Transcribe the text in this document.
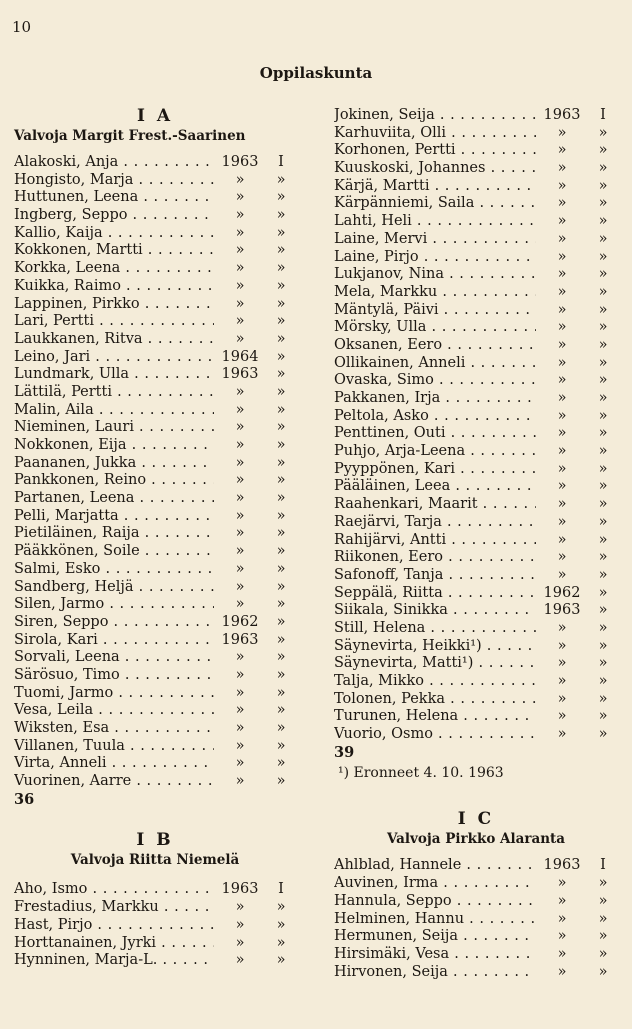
10
Oppilaskunta
I A
Valvoja Margit Frest.-Saarinen
Alakoski, Anja . . .	1963	I
Hongisto, Marja . . .	»	»
Huttunen, Leena . . .	»	»
Ingberg, Seppo . . .	»	»
Kallio, Kaija . . .	»	»
Kokkonen, Martti . . .	»	»
Korkka, Leena . . .	»	»
Kuikka, Raimo . . .	»	»
Lappinen, Pirkko . . .	»	»
Lari, Pertti . . .	»	»
Laukkanen, Ritva . . .	»	»
Leino, Jari . . .	1964	»
Lundmark, Ulla . . .	1963	»
Lättilä, Pertti . . .	»	»
Malin, Aila . . .	»	»
Nieminen, Lauri . . .	»	»
Nokkonen, Eija . . .	»	»
Paananen, Jukka . . .	»	»
Pankkonen, Reino . . .	»	»
Partanen, Leena . . .	»	»
Pelli, Marjatta . . .	»	»
Pietiläinen, Raija . . .	»	»
Pääkkönen, Soile . . .	»	»
Salmi, Esko . . .	»	»
Sandberg, Heljä . . .	»	»
Silen, Jarmo . . .	»	»
Siren, Seppo . . .	1962	»
Sirola, Kari . . .	1963	»
Sorvali, Leena . . .	»	»
Särösuo, Timo . . .	»	»
Tuomi, Jarmo . . .	»	»
Vesa, Leila . . .	»	»
Wiksten, Esa . . .	»	»
Villanen, Tuula . . .	»	»
Virta, Anneli . . .	»	»
Vuorinen, Aarre . . .	»	»
36
I B
Valvoja Riitta Niemelä
Aho, Ismo . . .	1963	I
Frestadius, Markku . . .	»	»
Hast, Pirjo . . .	»	»
Horttanainen, Jyrki . . .	»	»
Hynninen, Marja-L. . . .	»	»
Jokinen, Seija . . .	1963	I
Karhuviita, Olli . . .	»	»
Korhonen, Pertti . . .	»	»
Kuuskoski, Johannes . . .	»	»
Kärjä, Martti . . .	»	»
Kärpänniemi, Saila . . .	»	»
Lahti, Heli . . .	»	»
Laine, Mervi . . .	»	»
Laine, Pirjo . . .	»	»
Lukjanov, Nina . . .	»	»
Mela, Markku . . .	»	»
Mäntylä, Päivi . . .	»	»
Mörsky, Ulla . . .	»	»
Oksanen, Eero . . .	»	»
Ollikainen, Anneli . . .	»	»
Ovaska, Simo . . .	»	»
Pakkanen, Irja . . .	»	»
Peltola, Asko . . .	»	»
Penttinen, Outi . . .	»	»
Puhjo, Arja-Leena . . .	»	»
Pyyppönen, Kari . . .	»	»
Pääläinen, Leea . . .	»	»
Raahenkari, Maarit . . .	»	»
Raejärvi, Tarja . . .	»	»
Rahijärvi, Antti . . .	»	»
Riikonen, Eero . . .	»	»
Safonoff, Tanja . . .	»	»
Seppälä, Riitta . . .	1962	»
Siikala, Sinikka . . .	1963	»
Still, Helena . . .	»	»
Säynevirta, Heikki¹) . . .	»	»
Säynevirta, Matti¹) . . .	»	»
Talja, Mikko . . .	»	»
Tolonen, Pekka . . .	»	»
Turunen, Helena . . .	»	»
Vuorio, Osmo . . .	»	»
39
¹) Eronneet 4. 10. 1963
I C
Valvoja Pirkko Alaranta
Ahlblad, Hannele . . .	1963	I
Auvinen, Irma . . .	»	»
Hannula, Seppo . . .	»	»
Helminen, Hannu . . .	»	»
Hermunen, Seija . . .	»	»
Hirsimäki, Vesa . . .	»	»
Hirvonen, Seija . . .	»	»
